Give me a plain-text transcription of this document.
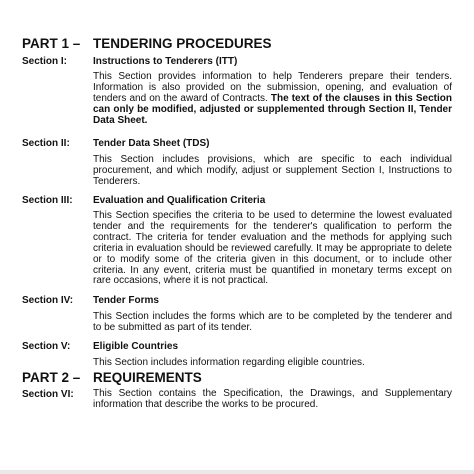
PART 1 – TENDERING PROCEDURES
Section I:	Instructions to Tenderers (ITT)
This Section provides information to help Tenderers prepare their tenders. Information is also provided on the submission, opening, and evaluation of tenders and on the award of Contracts. The text of the clauses in this Section can only be modified, adjusted or supplemented through Section II, Tender Data Sheet.
Section II: Tender Data Sheet (TDS)
This Section includes provisions, which are specific to each individual procurement, and which modify, adjust or supplement Section I, Instructions to Tenderers.
Section III: Evaluation and Qualification Criteria
This Section specifies the criteria to be used to determine the lowest evaluated tender and the requirements for the tenderer's qualification to perform the contract. The criteria for tender evaluation and the methods for applying such criteria in evaluation should be reviewed carefully. It may be appropriate to delete or to modify some of the criteria given in this document, or to include other criteria. In any event, criteria must be quantified in monetary terms except on rare occasions, where it is not practical.
Section IV: Tender Forms
This Section includes the forms which are to be completed by the tenderer and to be submitted as part of its tender.
Section V: Eligible Countries
This Section includes information regarding eligible countries.
PART 2 – REQUIREMENTS
Section VI: This Section contains the Specification, the Drawings, and Supplementary information that describe the works to be procured.
